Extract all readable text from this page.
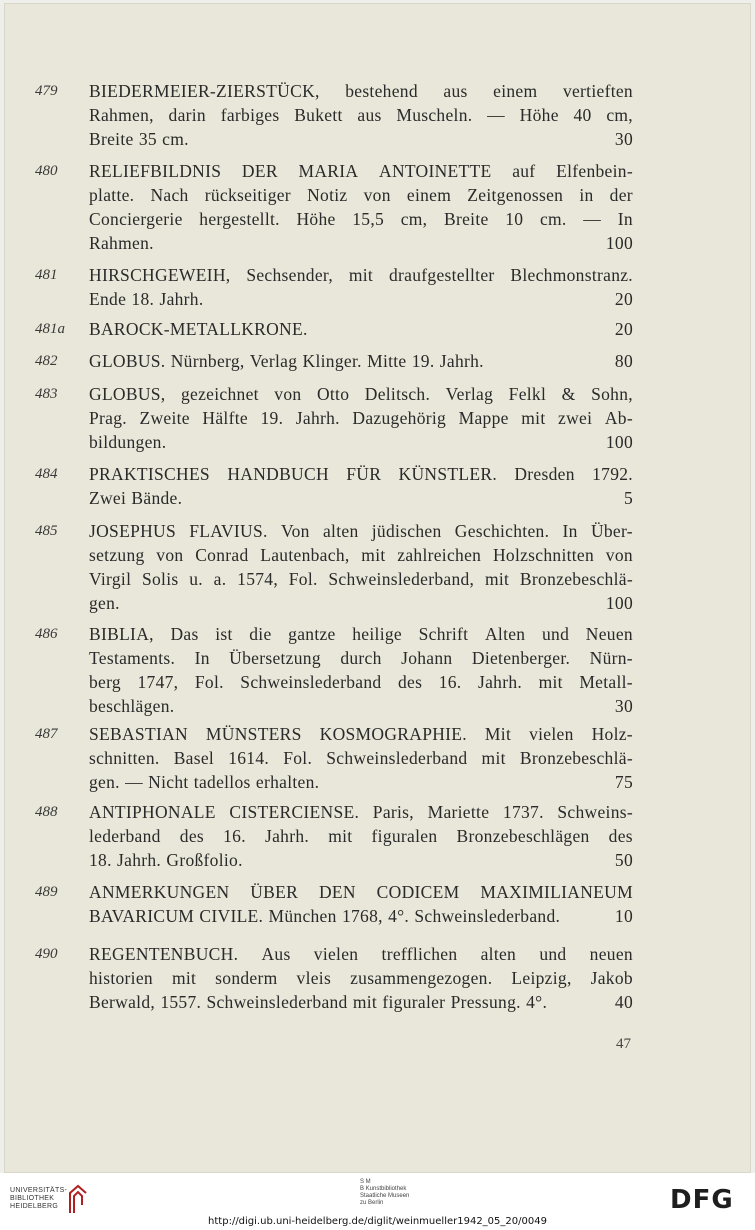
479	BIEDERMEIER-ZIERSTÜCK, bestehend aus einem vertieften
Rahmen, darin farbiges Bukett aus Muscheln. — Höhe 40 cm,
Breite 35 cm.	30
480	RELIEFBILDNIS DER MARIA ANTOINETTE auf Elfenbein-
platte. Nach rückseitiger Notiz von einem Zeitgenossen in der
Conciergerie hergestellt. Höhe 15,5 cm, Breite 10 cm. — In
Rahmen.	100
481	HIRSCHGEWEIH, Sechsender, mit draufgestellter Blechmonstranz.
Ende 18. Jahrh.	20
481a	BAROCK-METALLKRONE.	20
482	GLOBUS. Nürnberg, Verlag Klinger. Mitte 19. Jahrh.	80
483	GLOBUS, gezeichnet von Otto Delitsch. Verlag Felkl & Sohn,
Prag. Zweite Hälfte 19. Jahrh. Dazugehörig Mappe mit zwei Ab-
bildungen.	100
484	PRAKTISCHES HANDBUCH FÜR KÜNSTLER. Dresden 1792.
Zwei Bände.	5
485	JOSEPHUS FLAVIUS. Von alten jüdischen Geschichten. In Über-
setzung von Conrad Lautenbach, mit zahlreichen Holzschnitten von
Virgil Solis u. a. 1574, Fol. Schweinslederband, mit Bronzebeschlä-
gen.	100
486	BIBLIA, Das ist die gantze heilige Schrift Alten und Neuen
Testaments. In Übersetzung durch Johann Dietenberger. Nürn-
berg 1747, Fol. Schweinslederband des 16. Jahrh. mit Metall-
beschlägen.	30
487	SEBASTIAN MÜNSTERS KOSMOGRAPHIE. Mit vielen Holz-
schnitten. Basel 1614. Fol. Schweinslederband mit Bronzebeschlä-
gen. — Nicht tadellos erhalten.	75
488	ANTIPHONALE CISTERCIENSE. Paris, Mariette 1737. Schweins-
lederband des 16. Jahrh. mit figuralen Bronzebeschlägen des
18. Jahrh. Großfolio.	50
489	ANMERKUNGEN ÜBER DEN CODICEM MAXIMILIANEUM
BAVARICUM CIVILE. München 1768, 4°. Schweinslederband.	10
490	REGENTENBUCH. Aus vielen trefflichen alten und neuen
historien mit sonderm vleis zusammengezogen. Leipzig, Jakob
Berwald, 1557. Schweinslederband mit figuraler Pressung. 4°.	40
47
UNIVERSITÄTS-
BIBLIOTHEK
HEIDELBERG
S M
B Kunstbibliothek
Staatliche Museen
zu Berlin	DFG
http://digi.ub.uni-heidelberg.de/diglit/weinmueller1942_05_20/0049
